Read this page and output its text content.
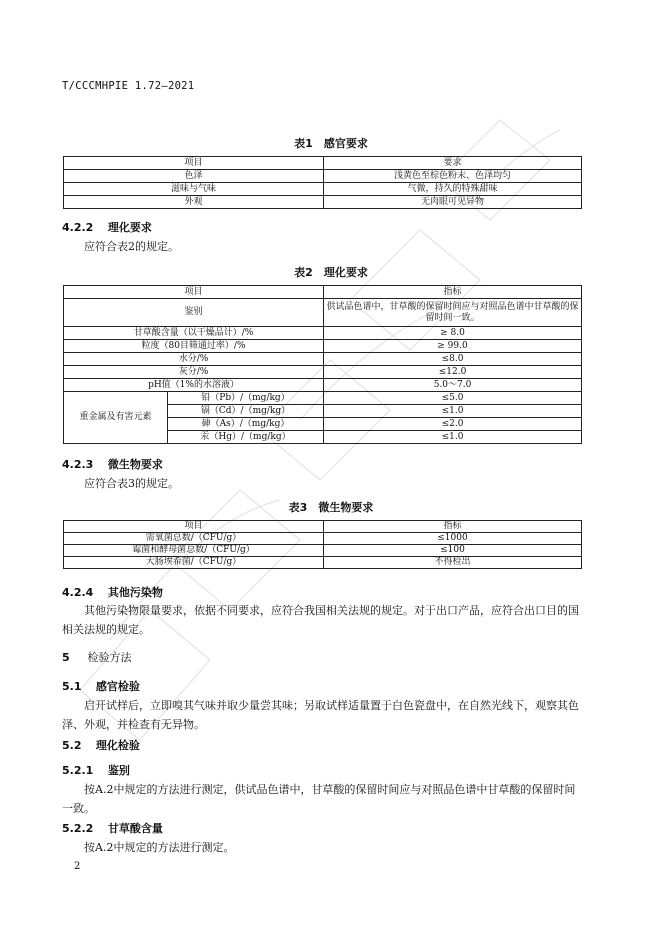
T/CCCMHPIE 1.72—2021
表1　感官要求
项目	要求
色泽	浅黄色至棕色粉末、色泽均匀
滋味与气味	气微，持久的特殊甜味
外观	无肉眼可见异物
4.2.2 理化要求
应符合表2的规定。
表2　理化要求
项目		指标
鉴别		供试品色谱中，甘草酸的保留时间应与对照品色谱中甘草酸的保留时间一致。
甘草酸含量（以干燥品计）/%		≥ 8.0
粒度（80目筛通过率）/%		≥ 99.0
水分/%		≤8.0
灰分/%		≤12.0
pH值（1%的水溶液）		5.0～7.0
重金属及有害元素	铅（Pb）/（mg/kg）	≤5.0
	镉（Cd）/（mg/kg）	≤1.0
	砷（As）/（mg/kg）	≤2.0
	汞（Hg）/（mg/kg）	≤1.0
4.2.3 微生物要求
应符合表3的规定。
表3　微生物要求
项目	指标
需氧菌总数/（CFU/g）	≤1000
霉菌和酵母菌总数/（CFU/g）	≤100
大肠埃希菌/（CFU/g）	不得检出
4.2.4 其他污染物
其他污染物限量要求，依据不同要求，应符合我国相关法规的规定。对于出口产品，应符合出口目的国相关法规的规定。
5 检验方法
5.1 感官检验
启开试样后，立即嗅其气味并取少量尝其味；另取试样适量置于白色瓷盘中，在自然光线下，观察其色泽、外观，并检查有无异物。
5.2 理化检验
5.2.1 鉴别
按A.2中规定的方法进行测定，供试品色谱中，甘草酸的保留时间应与对照品色谱中甘草酸的保留时间一致。
5.2.2 甘草酸含量
按A.2中规定的方法进行测定。
2
